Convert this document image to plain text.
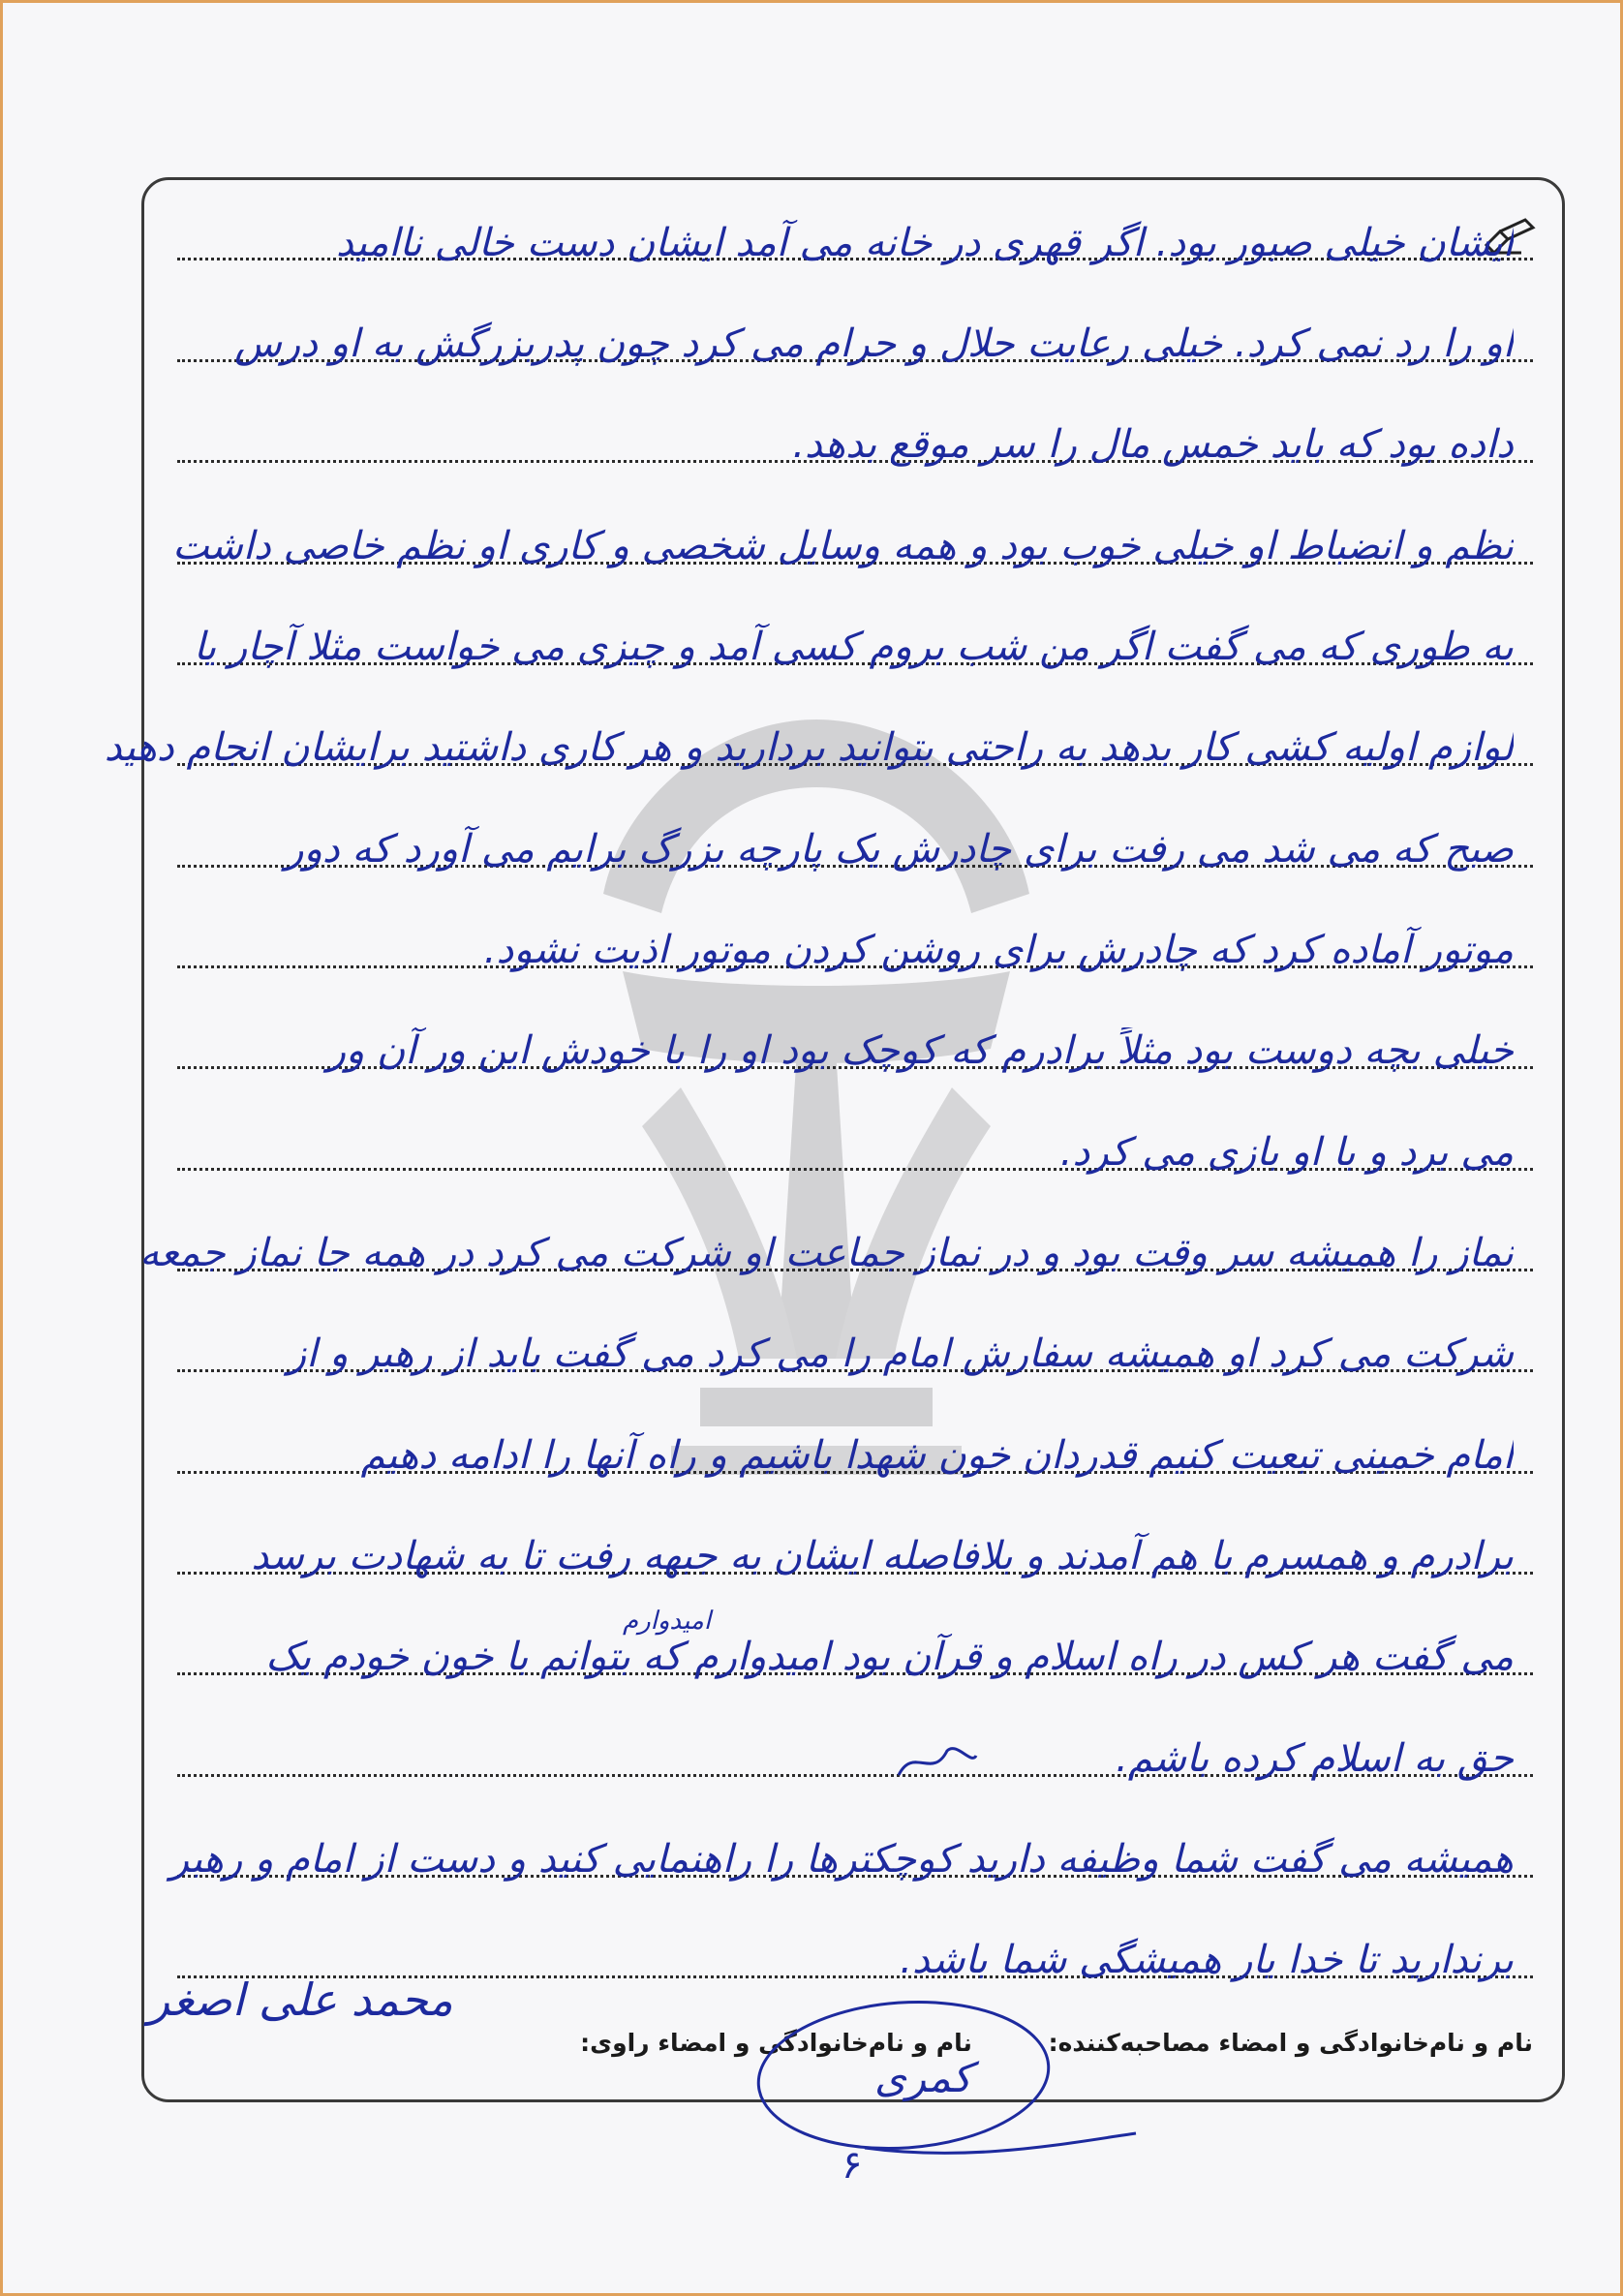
ایشان خیلی صبور بود. اگر قهری در خانه می آمد ایشان دست خالی ناامید
او را رد نمی کرد. خیلی رعایت حلال و حرام می کرد چون پدربزرگش به او درس
داده بود که باید خمس مال را سر موقع بدهد.
نظم و انضباط او خیلی خوب بود و همه وسایل شخصی و کاری او نظم خاصی داشت
به طوری که می گفت اگر من شب بروم کسی آمد و چیزی می خواست مثلا آچار یا
لوازم اولیه کشی کار بدهد به راحتی بتوانید بردارید و هر کاری داشتید برایشان انجام دهید
صبح که می شد می رفت برای چادرش یک پارچه بزرگ برایم می آورد که دور
موتور آماده کرد که چادرش برای روشن کردن موتور اذیت نشود.
خیلی بچه دوست بود مثلاً برادرم که کوچک بود او را با خودش این ور آن ور
می برد و با او بازی می کرد.
نماز را همیشه سر وقت بود و در نماز جماعت او شرکت می کرد در همه جا نماز جمعه
شرکت می کرد او همیشه سفارش امام را می کرد می گفت باید از رهبر و از
امام خمینی تبعیت کنیم قدردان خون شهدا باشیم و راه آنها را ادامه دهیم
برادرم و همسرم با هم آمدند و بلافاصله ایشان به جبهه رفت تا به شهادت برسد
می گفت هر کس در راه اسلام و قرآن بود امیدوارم که بتوانم با خون خودم یک
حق به اسلام کرده باشم.
همیشه می گفت شما وظیفه دارید کوچکترها را راهنمایی کنید و دست از امام و رهبر
برندارید تا خدا یار همیشگی شما باشد.
امیدوارم
نام و نام‌خانوادگی و امضاء مصاحبه‌کننده: نام و نام‌خانوادگی و امضاء راوی:
محمد علی اصغر
کمری
۶
